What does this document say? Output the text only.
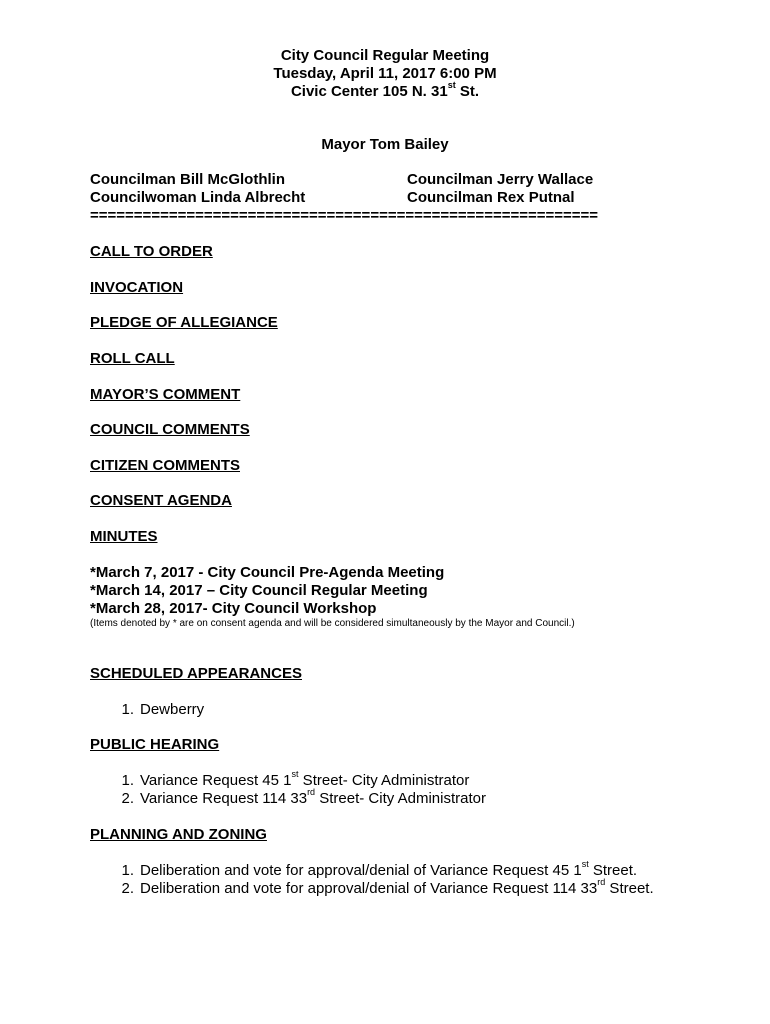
City Council Regular Meeting
Tuesday, April 11, 2017 6:00 PM
Civic Center 105 N. 31st St.
Mayor Tom Bailey
Councilman Bill McGlothlin
Councilwoman Linda Albrecht
Councilman Jerry Wallace
Councilman Rex Putnal
==========================================================
CALL TO ORDER
INVOCATION
PLEDGE OF ALLEGIANCE
ROLL CALL
MAYOR’S COMMENT
COUNCIL COMMENTS
CITIZEN COMMENTS
CONSENT AGENDA
MINUTES
*March 7, 2017 - City Council Pre-Agenda Meeting
*March 14, 2017 – City Council Regular Meeting
*March 28, 2017- City Council Workshop
(Items denoted by * are on consent agenda and will be considered simultaneously by the Mayor and Council.)
SCHEDULED APPEARANCES
1. Dewberry
PUBLIC HEARING
1. Variance Request 45 1st Street- City Administrator
2. Variance Request 114 33rd Street- City Administrator
PLANNING AND ZONING
1. Deliberation and vote for approval/denial of Variance Request 45 1st Street.
2. Deliberation and vote for approval/denial of Variance Request 114 33rd Street.
